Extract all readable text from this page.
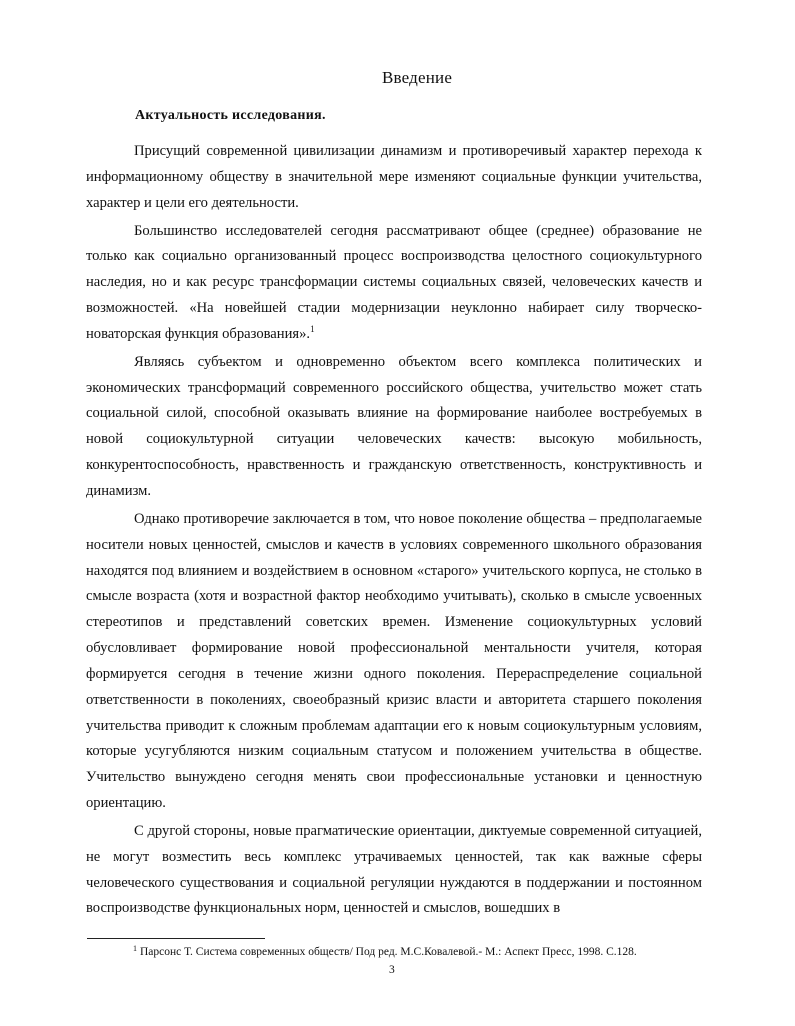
Введение
Актуальность исследования.

Присущий современной цивилизации динамизм и противоречивый характер перехода к информационному обществу в значительной мере изменяют социальные функции учительства, характер и цели его деятельности.

Большинство исследователей сегодня рассматривают общее (среднее) образование не только как социально организованный процесс воспроизводства целостного социокультурного наследия, но и как ресурс трансформации системы социальных связей, человеческих качеств и возможностей. «На новейшей стадии модернизации неуклонно набирает силу творческо-новаторская функция образования».$^1$

Являясь субъектом и одновременно объектом всего комплекса политических и экономических трансформаций современного российского общества, учительство может стать социальной силой, способной оказывать влияние на формирование наиболее востребуемых в новой социокультурной ситуации человеческих качеств: высокую мобильность, конкурентоспособность, нравственность и гражданскую ответственность, конструктивность и динамизм.

Однако противоречие заключается в том, что новое поколение общества – предполагаемые носители новых ценностей, смыслов и качеств в условиях современного школьного образования находятся под влиянием и воздействием в основном «старого» учительского корпуса, не столько в смысле возраста (хотя и возрастной фактор необходимо учитывать), сколько в смысле усвоенных стереотипов и представлений советских времен. Изменение социокультурных условий обусловливает формирование новой профессиональной ментальности учителя, которая формируется сегодня в течение жизни одного поколения. Перераспределение социальной ответственности в поколениях, своеобразный кризис власти и авторитета старшего поколения учительства приводит к сложным проблемам адаптации его к новым социокультурным условиям, которые усугубляются низким социальным статусом и положением учительства в обществе. Учительство вынуждено сегодня менять свои профессиональные установки и ценностную ориентацию.

С другой стороны, новые прагматические ориентации, диктуемые современной ситуацией, не могут возместить весь комплекс утрачиваемых ценностей, так как важные сферы человеческого существования и социальной регуляции нуждаются в поддержании и постоянном воспроизводстве функциональных норм, ценностей и смыслов, вошедших в

$^1$ Парсонс Т. Система современных обществ/ Под ред. М.С.Ковалевой.- М.: Аспект Пресс, 1998. С.128.
3
